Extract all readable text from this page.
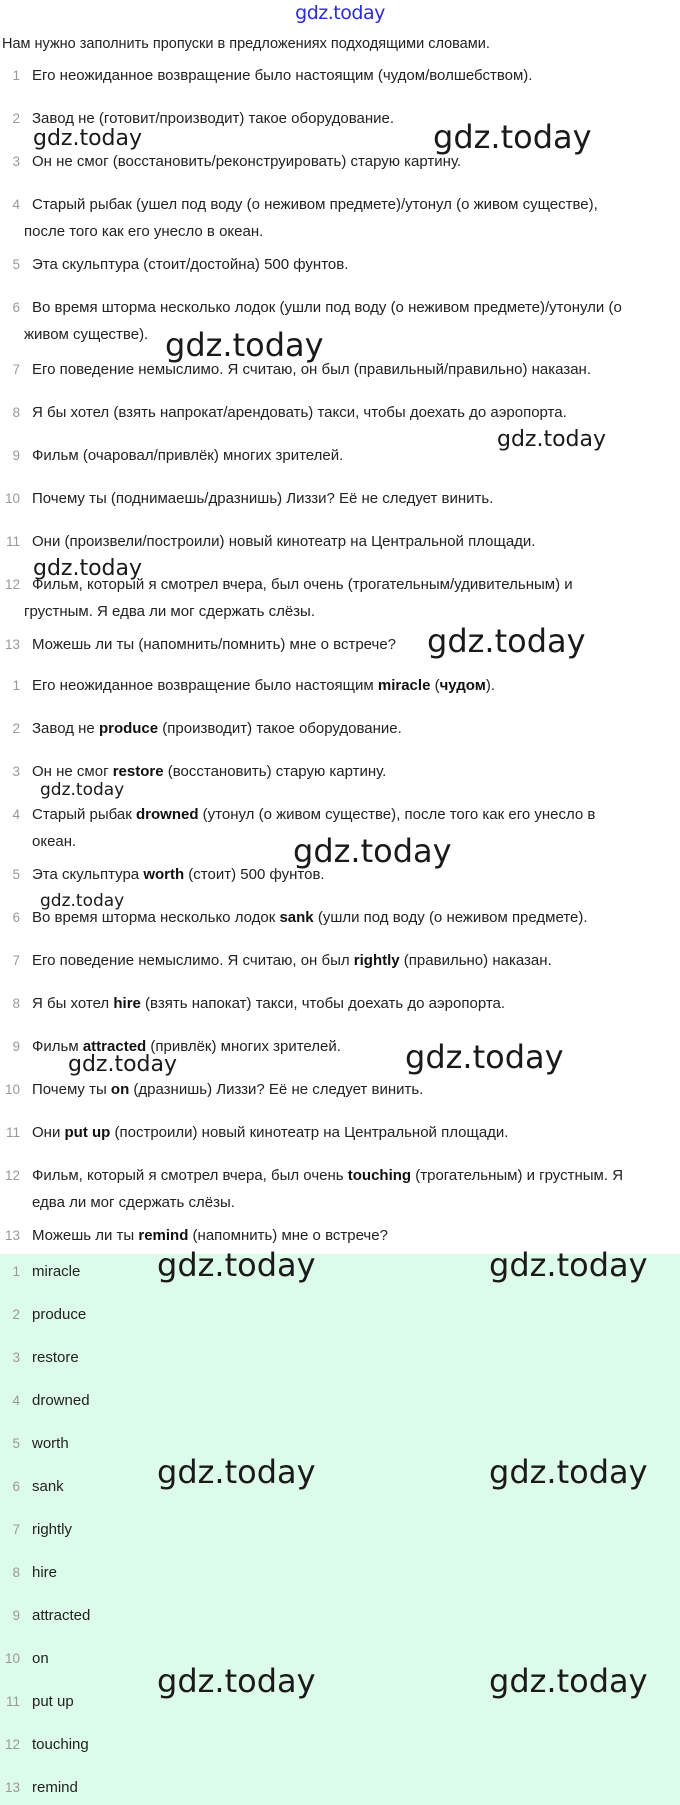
gdz.today
Нам нужно заполнить пропуски в предложениях подходящими словами.
1 Его неожиданное возвращение было настоящим (чудом/волшебством).
2 Завод не (готовит/производит) такое оборудование.
3 Он не смог (восстановить/реконструировать) старую картину.
4 Старый рыбак (ушел под воду (о неживом предмете)/утонул (о живом существе),
после того как его унесло в океан.
5 Эта скульптура (стоит/достойна) 500 фунтов.
6 Во время шторма несколько лодок (ушли под воду (о неживом предмете)/утонули (о
живом существе).
7 Его поведение немыслимо. Я считаю, он был (правильный/правильно) наказан.
8 Я бы хотел (взять напрокат/арендовать) такси, чтобы доехать до аэропорта.
9 Фильм (очаровал/привлёк) многих зрителей.
10 Почему ты (поднимаешь/дразнишь) Лиззи? Её не следует винить.
11 Они (произвели/построили) новый кинотеатр на Центральной площади.
12 Фильм, который я смотрел вчера, был очень (трогательным/удивительным) и
грустным. Я едва ли мог сдержать слёзы.
13 Можешь ли ты (напомнить/помнить) мне о встрече?
1 Его неожиданное возвращение было настоящим miracle (чудом).
2 Завод не produce (производит) такое оборудование.
3 Он не смог restore (восстановить) старую картину.
4 Старый рыбак drowned (утонул (о живом существе), после того как его унесло в
океан.
5 Эта скульптура worth (стоит) 500 фунтов.
6 Во время шторма несколько лодок sank (ушли под воду (о неживом предмете).
7 Его поведение немыслимо. Я считаю, он был rightly (правильно) наказан.
8 Я бы хотел hire (взять напокат) такси, чтобы доехать до аэропорта.
9 Фильм attracted (привлёк) многих зрителей.
10 Почему ты on (дразнишь) Лиззи? Её не следует винить.
11 Они put up (построили) новый кинотеатр на Центральной площади.
12 Фильм, который я смотрел вчера, был очень touching (трогательным) и грустным. Я
едва ли мог сдержать слёзы.
13 Можешь ли ты remind (напомнить) мне о встрече?
1 miracle
2 produce
3 restore
4 drowned
5 worth
6 sank
7 rightly
8 hire
9 attracted
10 on
11 put up
12 touching
13 remind
gdz.today	gdz.today
gdz.today
gdz.today
gdz.today
gdz.today
gdz.today
gdz.today
gdz.today
gdz.today	gdz.today
gdz.today	gdz.today
gdz.today	gdz.today
gdz.today	gdz.today
